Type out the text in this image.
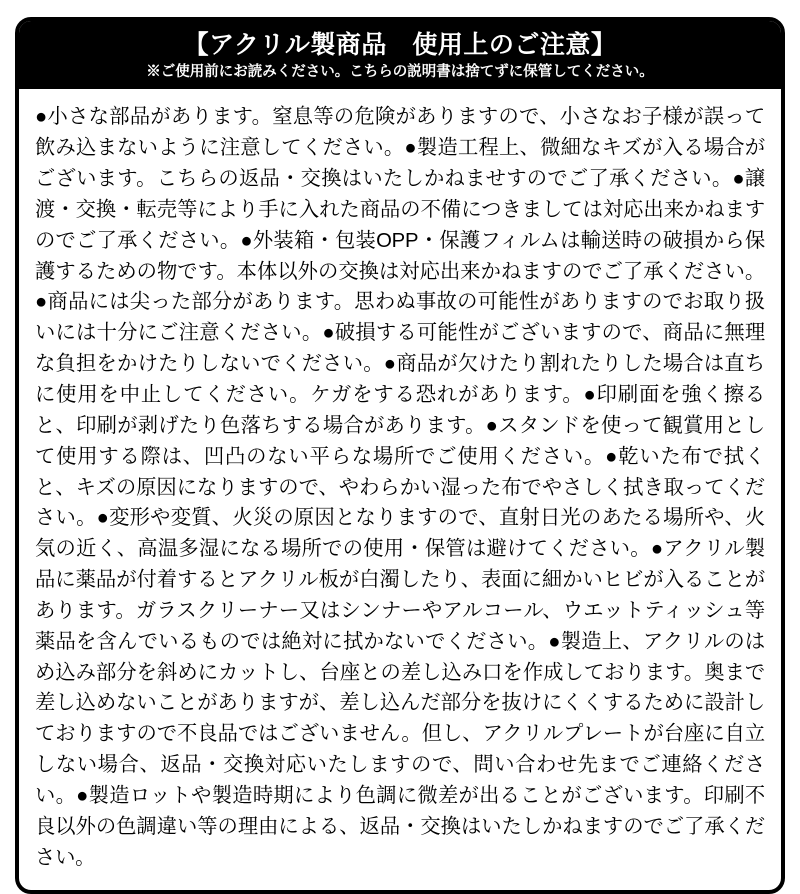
【アクリル製商品　使用上のご注意】
※ご使用前にお読みください。こちらの説明書は捨てずに保管してください。
●小さな部品があります。窒息等の危険がありますので、小さなお子様が誤って飲み込まないように注意してください。●製造工程上、微細なキズが入る場合がございます。こちらの返品・交換はいたしかねませすのでご了承ください。●譲渡・交換・転売等により手に入れた商品の不備につきましては対応出来かねますのでご了承ください。●外装箱・包装OPP・保護フィルムは輸送時の破損から保護するための物です。本体以外の交換は対応出来かねますのでご了承ください。●商品には尖った部分があります。思わぬ事故の可能性がありますのでお取り扱いには十分にご注意ください。●破損する可能性がございますので、商品に無理な負担をかけたりしないでください。●商品が欠けたり割れたりした場合は直ちに使用を中止してください。ケガをする恐れがあります。●印刷面を強く擦ると、印刷が剥げたり色落ちする場合があります。●スタンドを使って観賞用として使用する際は、凹凸のない平らな場所でご使用ください。●乾いた布で拭くと、キズの原因になりますので、やわらかい湿った布でやさしく拭き取ってください。●変形や変質、火災の原因となりますので、直射日光のあたる場所や、火気の近く、高温多湿になる場所での使用・保管は避けてください。●アクリル製品に薬品が付着するとアクリル板が白濁したり、表面に細かいヒビが入ることがあります。ガラスクリーナー又はシンナーやアルコール、ウエットティッシュ等薬品を含んでいるものでは絶対に拭かないでください。●製造上、アクリルのはめ込み部分を斜めにカットし、台座との差し込み口を作成しております。奥まで差し込めないことがありますが、差し込んだ部分を抜けにくくするために設計しておりますので不良品ではございません。但し、アクリルプレートが台座に自立しない場合、返品・交換対応いたしますので、問い合わせ先までご連絡ください。●製造ロットや製造時期により色調に微差が出ることがございます。印刷不良以外の色調違い等の理由による、返品・交換はいたしかねますのでご了承ください。
